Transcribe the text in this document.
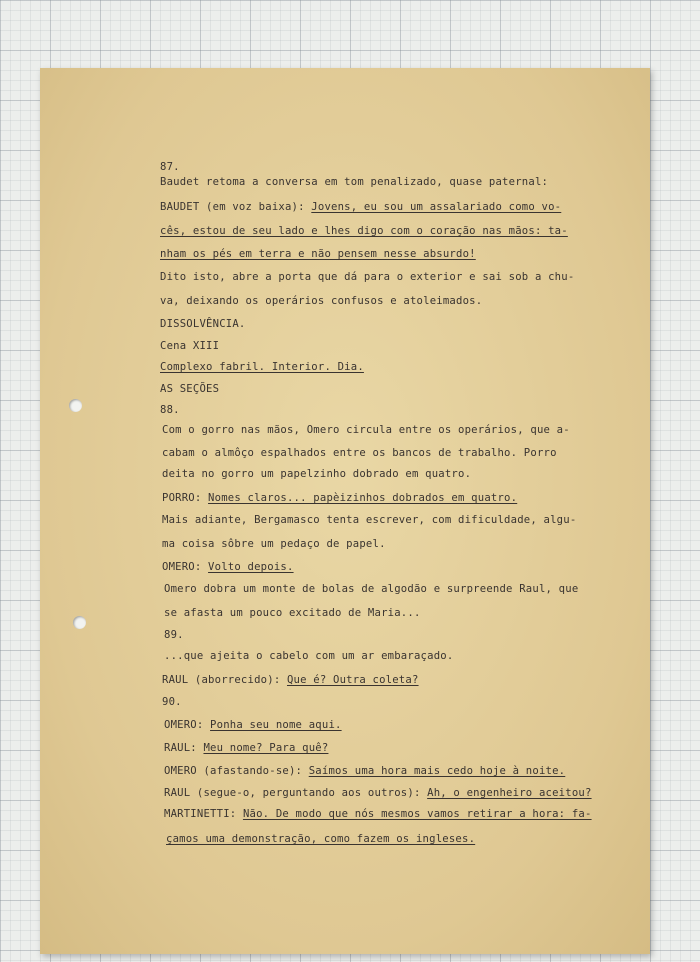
87.
Baudet retoma a conversa em tom penalizado, quase paternal:
BAUDET (em voz baixa): Jovens, eu sou um assalariado como vo-
cês, estou de seu lado e lhes digo com o coração nas mãos: ta-
nham os pés em terra e não pensem nesse absurdo!
Dito isto, abre a porta que dá para o exterior e sai sob a chu-
va, deixando os operários confusos e atoleimados.
DISSOLVÊNCIA.
Cena XIII
Complexo fabril. Interior. Dia.
AS SEÇÕES
88.
Com o gorro nas mãos, Omero circula entre os operários, que a-
cabam o almôço espalhados entre os bancos de trabalho. Porro
deita no gorro um papelzinho dobrado em quatro.
PORRO: Nomes claros... papèizinhos dobrados em quatro.
Mais adiante, Bergamasco tenta escrever, com dificuldade, algu-
ma coisa sôbre um pedaço de papel.
OMERO: Volto depois.
Omero dobra um monte de bolas de algodão e surpreende Raul, que
se afasta um pouco excitado de Maria...
89.
...que ajeita o cabelo com um ar embaraçado.
RAUL (aborrecido): Que é? Outra coleta?
90.
OMERO: Ponha seu nome aqui.
RAUL: Meu nome? Para quê?
OMERO (afastando-se): Saímos uma hora mais cedo hoje à noite.
RAUL (segue-o, perguntando aos outros): Ah, o engenheiro aceitou?
MARTINETTI: Não. De modo que nós mesmos vamos retirar a hora: fa-
çamos uma demonstração, como fazem os ingleses.
